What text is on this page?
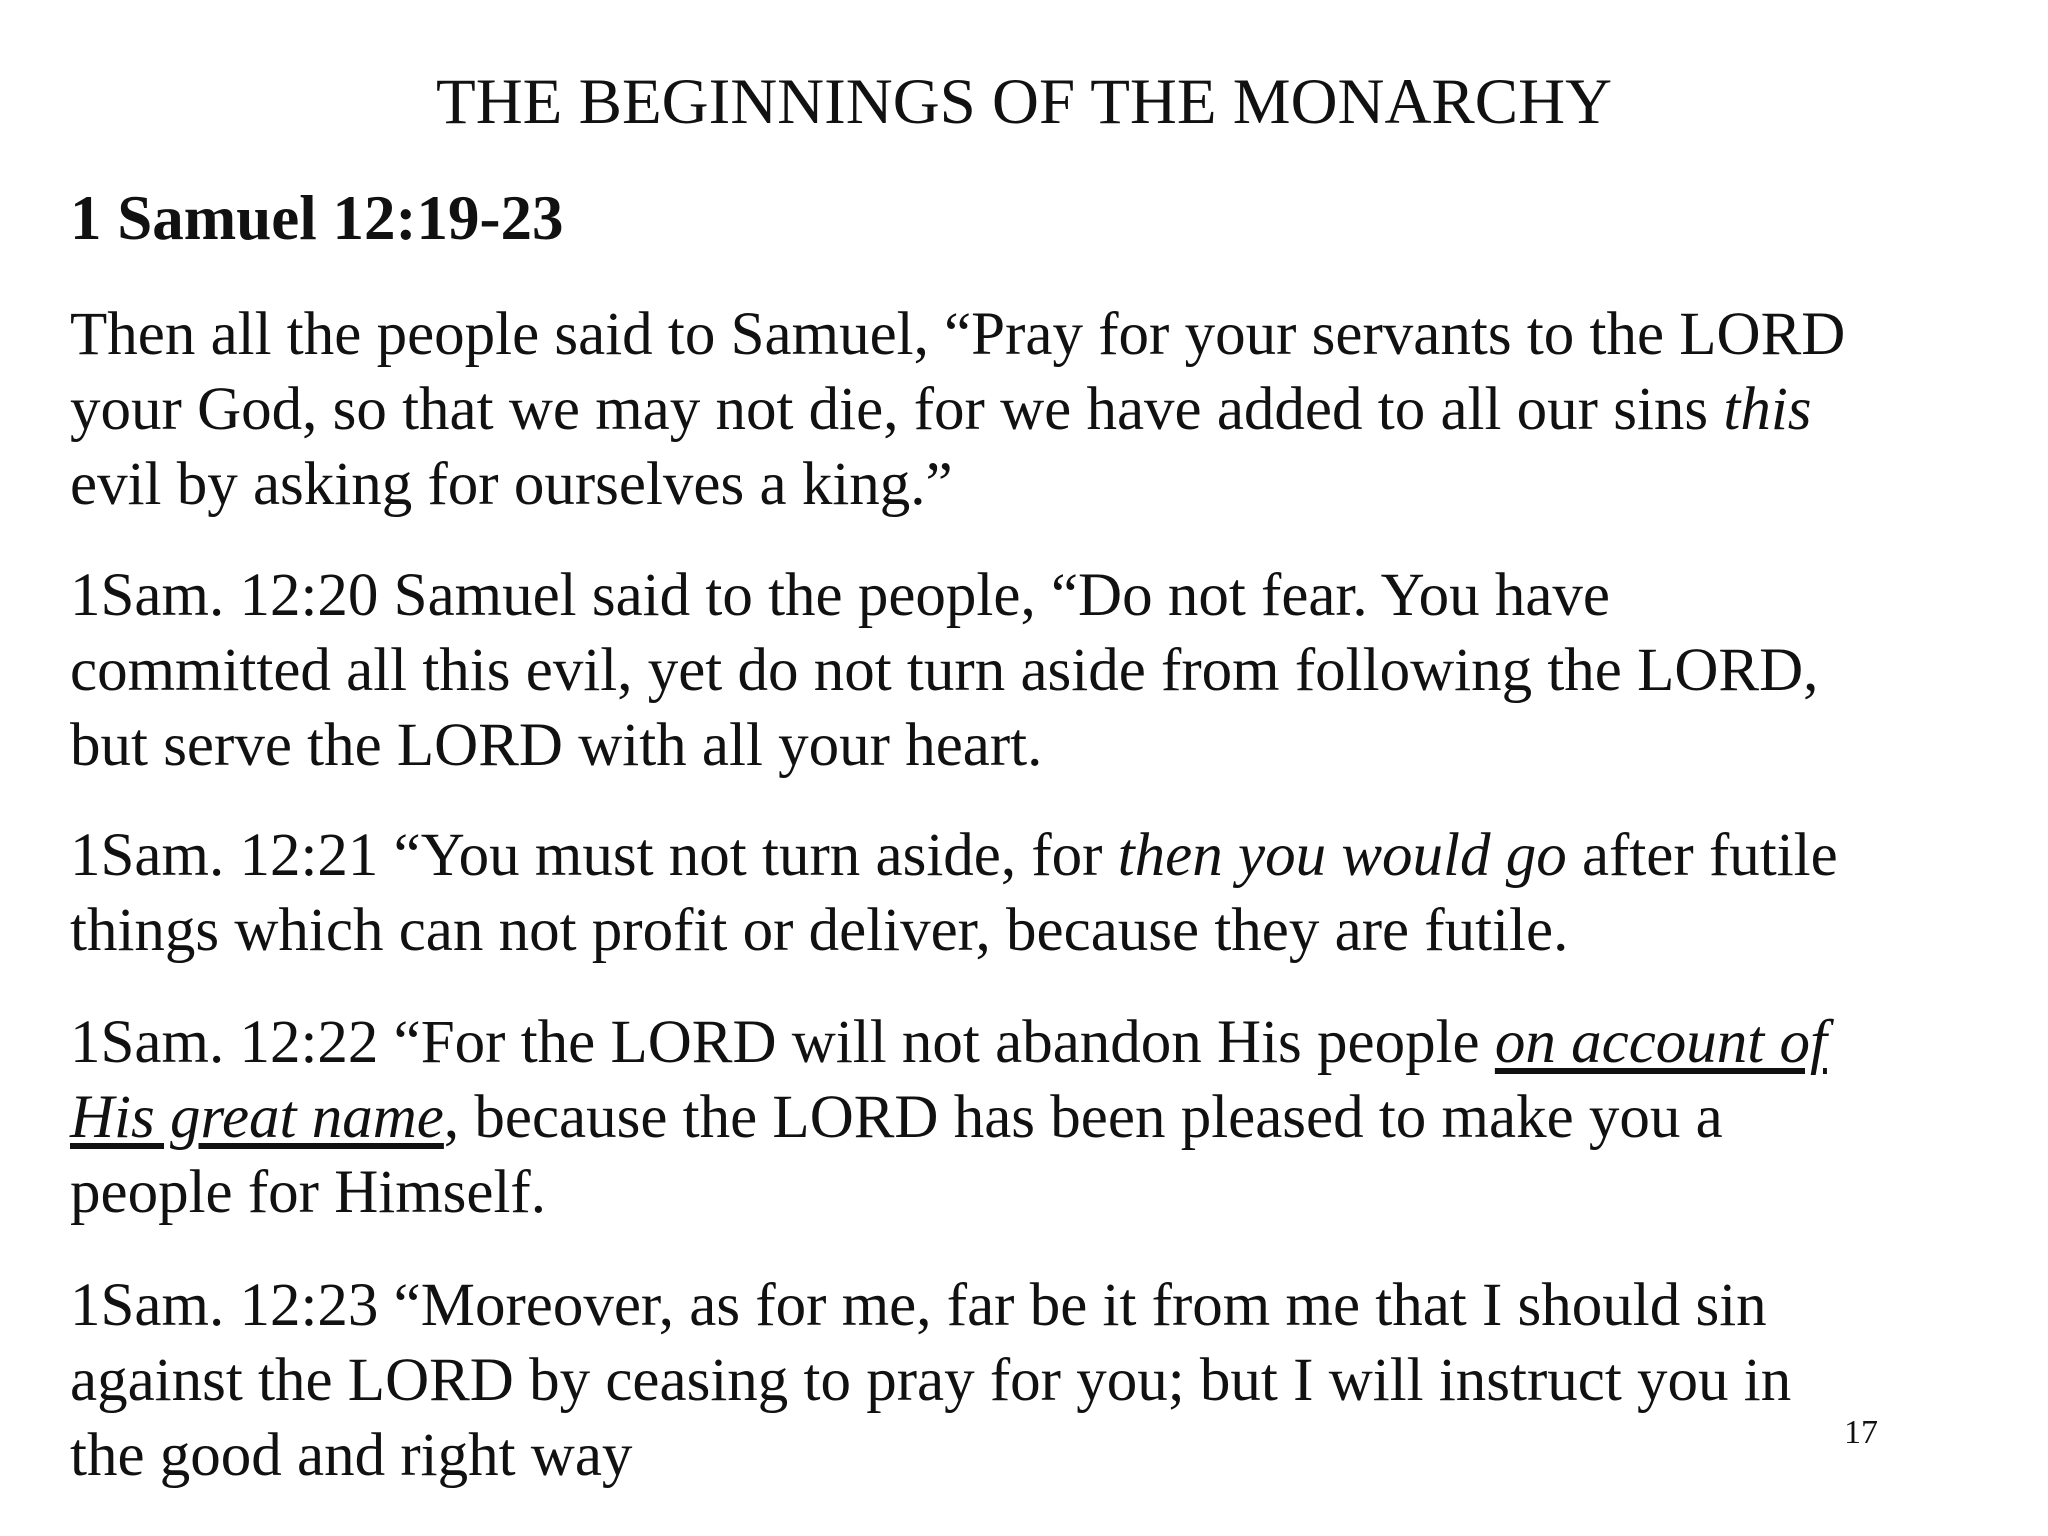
THE BEGINNINGS OF THE MONARCHY
1 Samuel 12:19-23

Then all the people said to Samuel, “Pray for your servants to the LORD
your God, so that we may not die, for we have added to all our sins this
evil by asking for ourselves a king.”

1Sam. 12:20 Samuel said to the people, “Do not fear. You have
committed all this evil, yet do not turn aside from following the LORD,
but serve the LORD with all your heart.

1Sam. 12:21 “You must not turn aside, for then you would go after futile
things which can not profit or deliver, because they are futile.

1Sam. 12:22 “For the LORD will not abandon His people on account of
His great name, because the LORD has been pleased to make you a
people for Himself.

1Sam. 12:23 “Moreover, as for me, far be it from me that I should sin
against the LORD by ceasing to pray for you; but I will instruct you in
the good and right way	17
